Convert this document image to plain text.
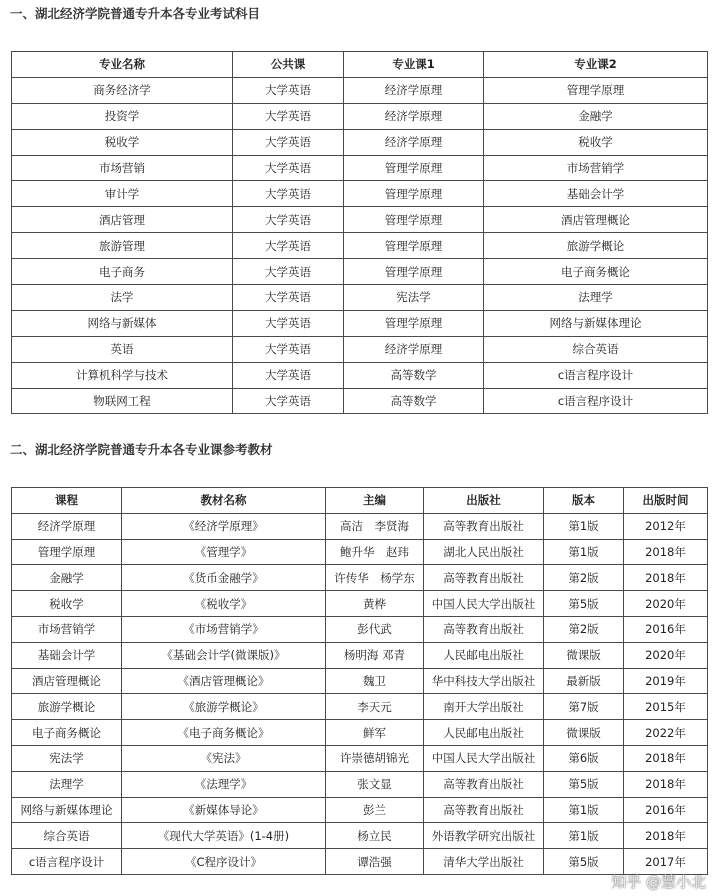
一、湖北经济学院普通专升本各专业考试科目
专业名称	公共课	专业课1	专业课2
商务经济学	大学英语	经济学原理	管理学原理
投资学	大学英语	经济学原理	金融学
税收学	大学英语	经济学原理	税收学
市场营销	大学英语	管理学原理	市场营销学
审计学	大学英语	管理学原理	基础会计学
酒店管理	大学英语	管理学原理	酒店管理概论
旅游管理	大学英语	管理学原理	旅游学概论
电子商务	大学英语	管理学原理	电子商务概论
法学	大学英语	宪法学	法理学
网络与新媒体	大学英语	管理学原理	网络与新媒体理论
英语	大学英语	经济学原理	综合英语
计算机科学与技术	大学英语	高等数学	c语言程序设计
物联网工程	大学英语	高等数学	c语言程序设计
二、湖北经济学院普通专升本各专业课参考教材
课程	教材名称	主编	出版社	版本	出版时间
经济学原理	《经济学原理》	高洁　李贤海	高等教育出版社	第1版	2012年
管理学原理	《管理学》	鲍升华　赵玮	湖北人民出版社	第1版	2018年
金融学	《货币金融学》	许传华　杨学东	高等教育出版社	第2版	2018年
税收学	《税收学》	黄桦	中国人民大学出版社	第5版	2020年
市场营销学	《市场营销学》	彭代武	高等教育出版社	第2版	2016年
基础会计学	《基础会计学(微课版)》	杨明海 邓青	人民邮电出版社	微课版	2020年
酒店管理概论	《酒店管理概论》	魏卫	华中科技大学出版社	最新版	2019年
旅游学概论	《旅游学概论》	李天元	南开大学出版社	第7版	2015年
电子商务概论	《电子商务概论》	鲜军	人民邮电出版社	微课版	2022年
宪法学	《宪法》	许崇德胡锦光	中国人民大学出版社	第6版	2018年
法理学	《法理学》	张文显	高等教育出版社	第5版	2018年
网络与新媒体理论	《新媒体导论》	彭兰	高等教育出版社	第1版	2016年
综合英语	《现代大学英语》(1-4册)	杨立民	外语教学研究出版社	第1版	2018年
c语言程序设计	《C程序设计》	谭浩强	清华大学出版社	第5版	2017年
知乎 @慧小北
